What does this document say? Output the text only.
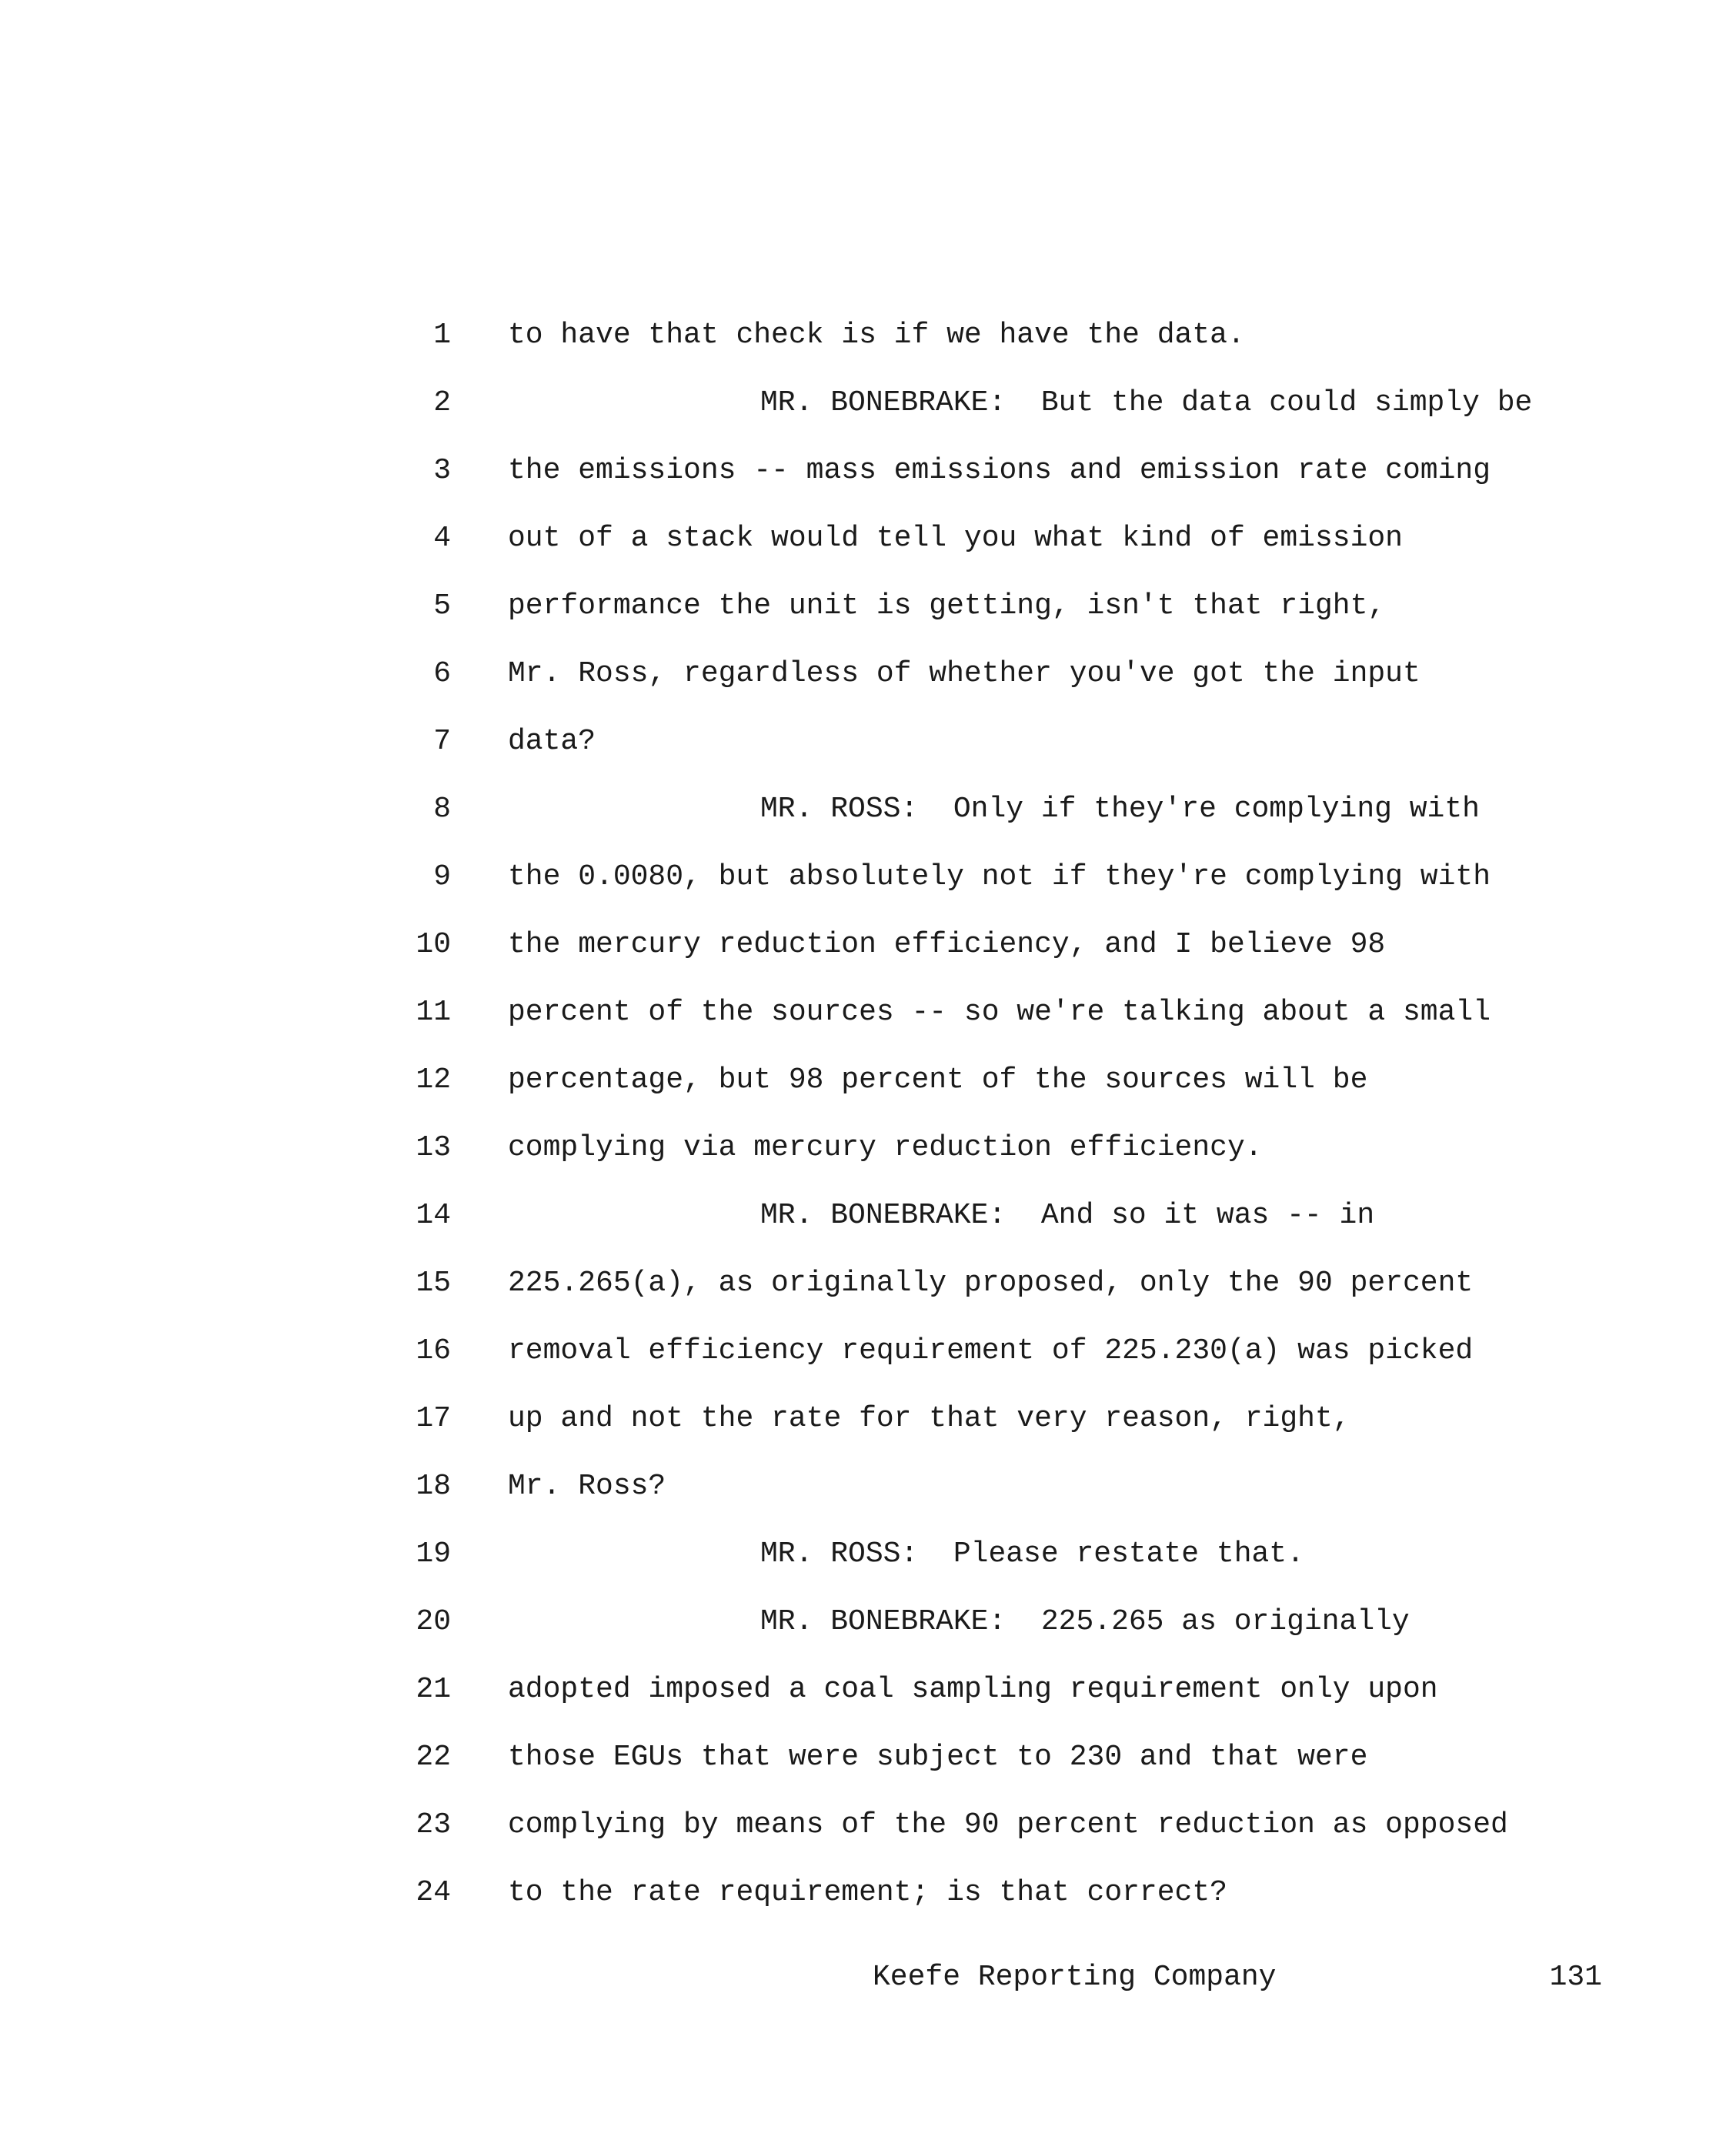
1

to have that check is if we have the data.

2

	MR. BONEBRAKE:  But the data could simply be

3

the emissions -- mass emissions and emission rate coming

4

out of a stack would tell you what kind of emission

5

performance the unit is getting, isn't that right,

6

Mr. Ross, regardless of whether you've got the input

7

data?

8

	MR. ROSS:  Only if they're complying with

9

the 0.0080, but absolutely not if they're complying with

10

the mercury reduction efficiency, and I believe 98

11

percent of the sources -- so we're talking about a small

12

percentage, but 98 percent of the sources will be

13

complying via mercury reduction efficiency.

14

	MR. BONEBRAKE:  And so it was -- in

15

225.265(a), as originally proposed, only the 90 percent

16

removal efficiency requirement of 225.230(a) was picked

17

up and not the rate for that very reason, right,

18

Mr. Ross?

19

	MR. ROSS:  Please restate that.

20

	MR. BONEBRAKE:  225.265 as originally

21

adopted imposed a coal sampling requirement only upon

22

those EGUs that were subject to 230 and that were

23

complying by means of the 90 percent reduction as opposed

24

to the rate requirement; is that correct?

Keefe Reporting Company	131
